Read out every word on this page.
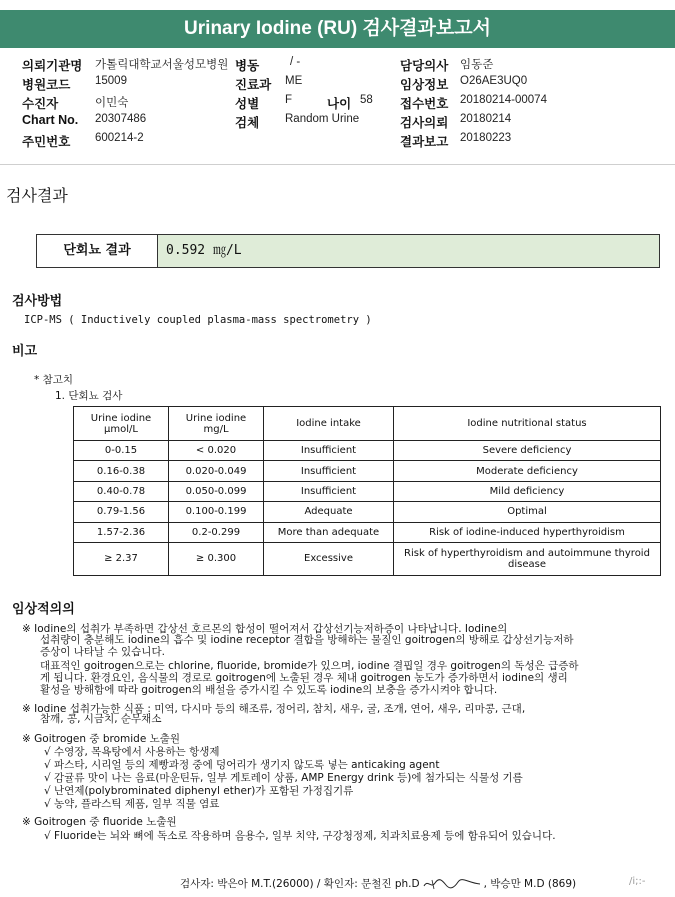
Urinary Iodine (RU) 검사결과보고서
의뢰기관명 가톨릭대학교서울성모병원 병동	/ -	담당의사 임동준
병원코드 15009	진료과 ME	임상정보 O26AE3UQ0
수진자	이민숙	성별 F	나이 58 접수번호 20180214-00074
Chart No. 20307486	검체 Random Urine	검사의뢰 20180214
주민번호 600214-2	결과보고 20180223
검사결과
단회뇨 결과	0.592 ㎎/L
검사방법
ICP-MS ( Inductively coupled plasma-mass spectrometry )
비고
* 참고치
1. 단회뇨 검사
Urine iodine μmol/L	Urine iodine mg/L	Iodine intake	Iodine nutritional status
0-0.15	< 0.020	Insufficient	Severe deficiency
0.16-0.38	0.020-0.049	Insufficient	Moderate deficiency
0.40-0.78	0.050-0.099	Insufficient	Mild deficiency
0.79-1.56	0.100-0.199	Adequate	Optimal
1.57-2.36	0.2-0.299	More than adequate	Risk of iodine-induced hyperthyroidism
≥ 2.37	≥ 0.300	Excessive	Risk of hyperthyroidism and autoimmune thyroid disease
임상적의의
※ Iodine의 섭취가 부족하면 갑상선 호르몬의 합성이 떨어져서 갑상선기능저하증이 나타납니다. Iodine의
섭취량이 충분해도 iodine의 흡수 및 iodine receptor 결합을 방해하는 물질인 goitrogen의 방해로 갑상선기능저하
증상이 나타날 수 있습니다.
대표적인 goitrogen으로는 chlorine, fluoride, bromide가 있으며, iodine 결핍일 경우 goitrogen의 독성은 급증하
게 됩니다. 환경요인, 음식물의 경로로 goitrogen에 노출된 경우 체내 goitrogen 농도가 증가하면서 iodine의 생리
활성을 방해함에 따라 goitrogen의 배설을 증가시킬 수 있도록 iodine의 보충을 증가시켜야 합니다.
※ Iodine 섭취가능한 식품 : 미역, 다시마 등의 해조류, 정어리, 참치, 새우, 굴, 조개, 연어, 새우, 리마콩, 근대,
참깨, 콩, 시금치, 순무채소
※ Goitrogen 중 bromide 노출원
√ 수영장, 목욕탕에서 사용하는 항생제
√ 파스타, 시리얼 등의 제빵과정 중에 덩어리가 생기지 않도록 넣는 anticaking agent
√ 감귤류 맛이 나는 음료(마운틴듀, 일부 게토레이 상품, AMP Energy drink 등)에 첨가되는 식물성 기름
√ 난연제(polybrominated diphenyl ether)가 포함된 가정집기류
√ 농약, 플라스틱 제품, 일부 직물 염료
※ Goitrogen 중 fluoride 노출원
√ Fluoride는 뇌와 뼈에 독소로 작용하며 음용수, 일부 치약, 구강청정제, 치과치료용제 등에 함유되어 있습니다.
검사자: 박은아 M.T.(26000) / 확인자: 문철진 ph.D	, 박승만 M.D (869)	/i;:-
